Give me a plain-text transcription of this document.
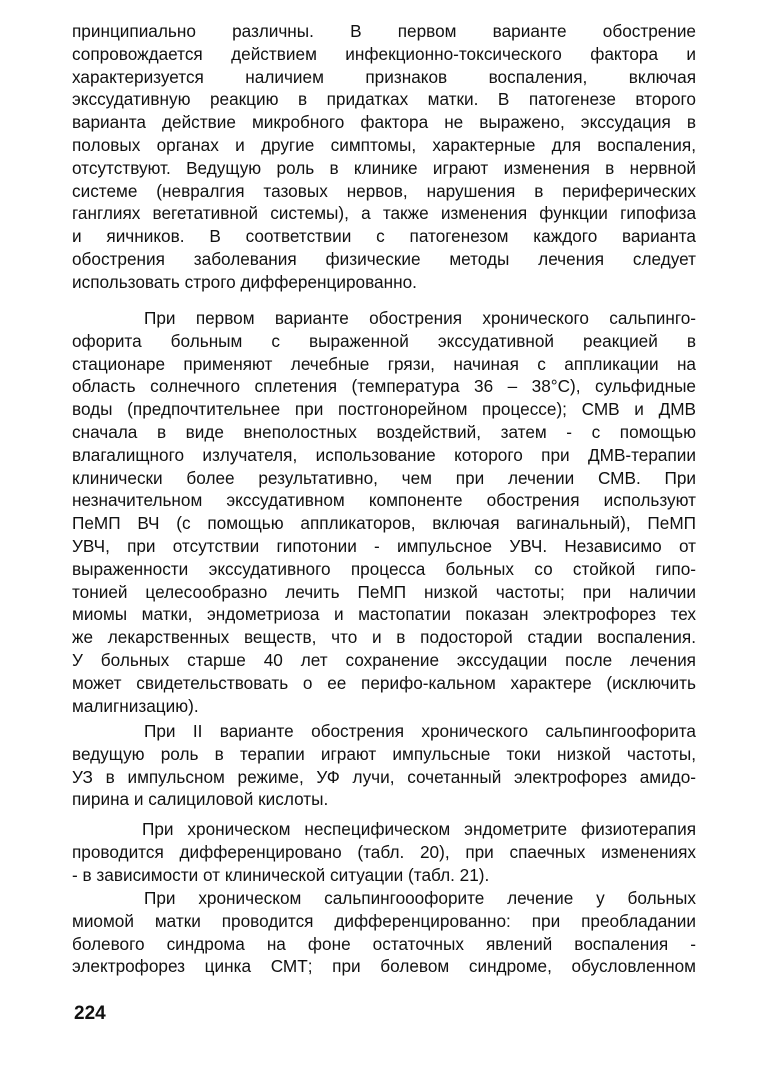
принципиально различны. В первом варианте обострение
сопровождается действием инфекционно-токсического фактора и
характеризуется наличием признаков воспаления, включая
экссудативную реакцию в придатках матки. В патогенезе второго
варианта действие микробного фактора не выражено, экссудация в
половых органах и другие симптомы, характерные для воспаления,
отсутствуют. Ведущую роль в клинике играют изменения в нервной
системе (невралгия тазовых нервов, нарушения в периферических
ганглиях вегетативной системы), а также изменения функции гипофиза
и яичников. В соответствии с патогенезом каждого варианта
обострения заболевания физические методы лечения следует
использовать строго дифференцированно.
При первом варианте обострения хронического сальпинго-
офорита больным с выраженной экссудативной реакцией в
стационаре применяют лечебные грязи, начиная с аппликации на
область солнечного сплетения (температура 36 – 38°С), сульфидные
воды (предпочтительнее при постгонорейном процессе); СМВ и ДМВ
сначала в виде внеполостных воздействий, затем - с помощью
влагалищного излучателя, использование которого при ДМВ-терапии
клинически более результативно, чем при лечении СМВ. При
незначительном экссудативном компоненте обострения используют
ПеМП ВЧ (с помощью аппликаторов, включая вагинальный), ПеМП
УВЧ, при отсутствии гипотонии - импульсное УВЧ. Независимо от
выраженности экссудативного процесса больных со стойкой гипо-
тонией целесообразно лечить ПеМП низкой частоты; при наличии
миомы матки, эндометриоза и мастопатии показан электрофорез тех
же лекарственных веществ, что и в подосторой стадии воспаления.
У больных старше 40 лет сохранение экссудации после лечения
может свидетельствовать о ее перифо-кальном характере (исключить
малигнизацию).
При II варианте обострения хронического сальпингоофорита
ведущую роль в терапии играют импульсные токи низкой частоты,
УЗ в импульсном режиме, УФ лучи, сочетанный электрофорез амидо-
пирина и салициловой кислоты.
При хроническом неспецифическом эндометрите физиотерапия
проводится дифференцировано (табл. 20), при спаечных изменениях
- в зависимости от клинической ситуации (табл. 21).
При хроническом сальпингооофорите лечение у больных
миомой матки проводится дифференцированно: при преобладании
болевого синдрома на фоне остаточных явлений воспаления -
электрофорез цинка СМТ; при болевом синдроме, обусловленном
224
